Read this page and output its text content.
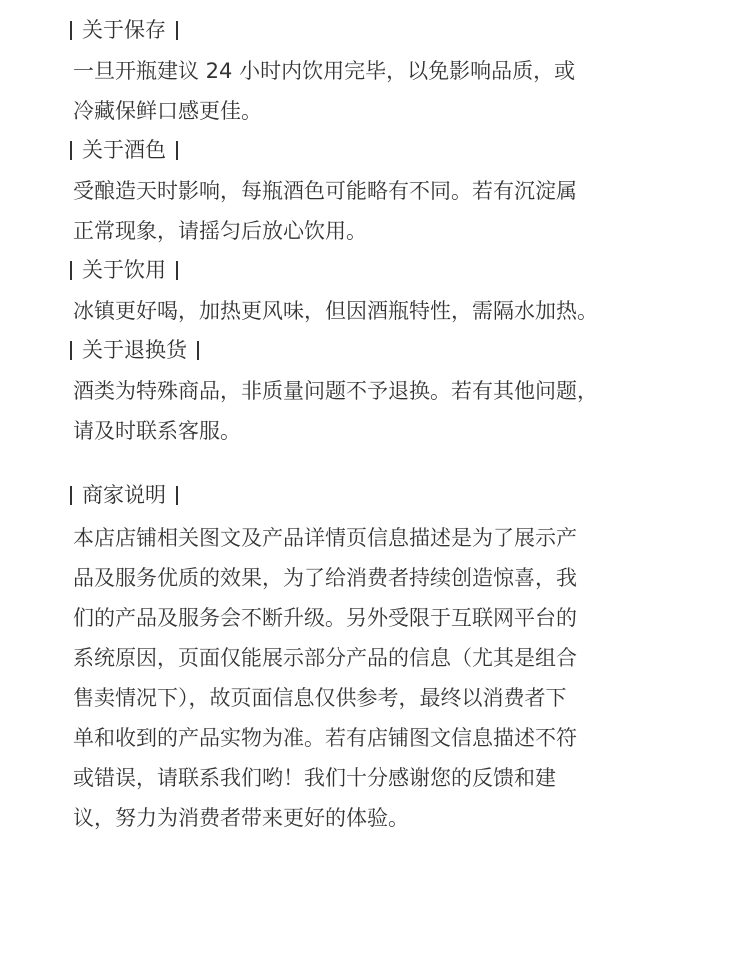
关于保存
一旦开瓶建议 24 小时内饮用完毕，以免影响品质，或
冷藏保鲜口感更佳。
关于酒色
受酿造天时影响，每瓶酒色可能略有不同。若有沉淀属
正常现象，请摇匀后放心饮用。
关于饮用
冰镇更好喝，加热更风味，但因酒瓶特性，需隔水加热。
关于退换货
酒类为特殊商品，非质量问题不予退换。若有其他问题，
请及时联系客服。
商家说明
本店店铺相关图文及产品详情页信息描述是为了展示产
品及服务优质的效果，为了给消费者持续创造惊喜，我
们的产品及服务会不断升级。另外受限于互联网平台的
系统原因，页面仅能展示部分产品的信息（尤其是组合
售卖情况下），故页面信息仅供参考，最终以消费者下
单和收到的产品实物为准。若有店铺图文信息描述不符
或错误，请联系我们哟！我们十分感谢您的反馈和建
议，努力为消费者带来更好的体验。
